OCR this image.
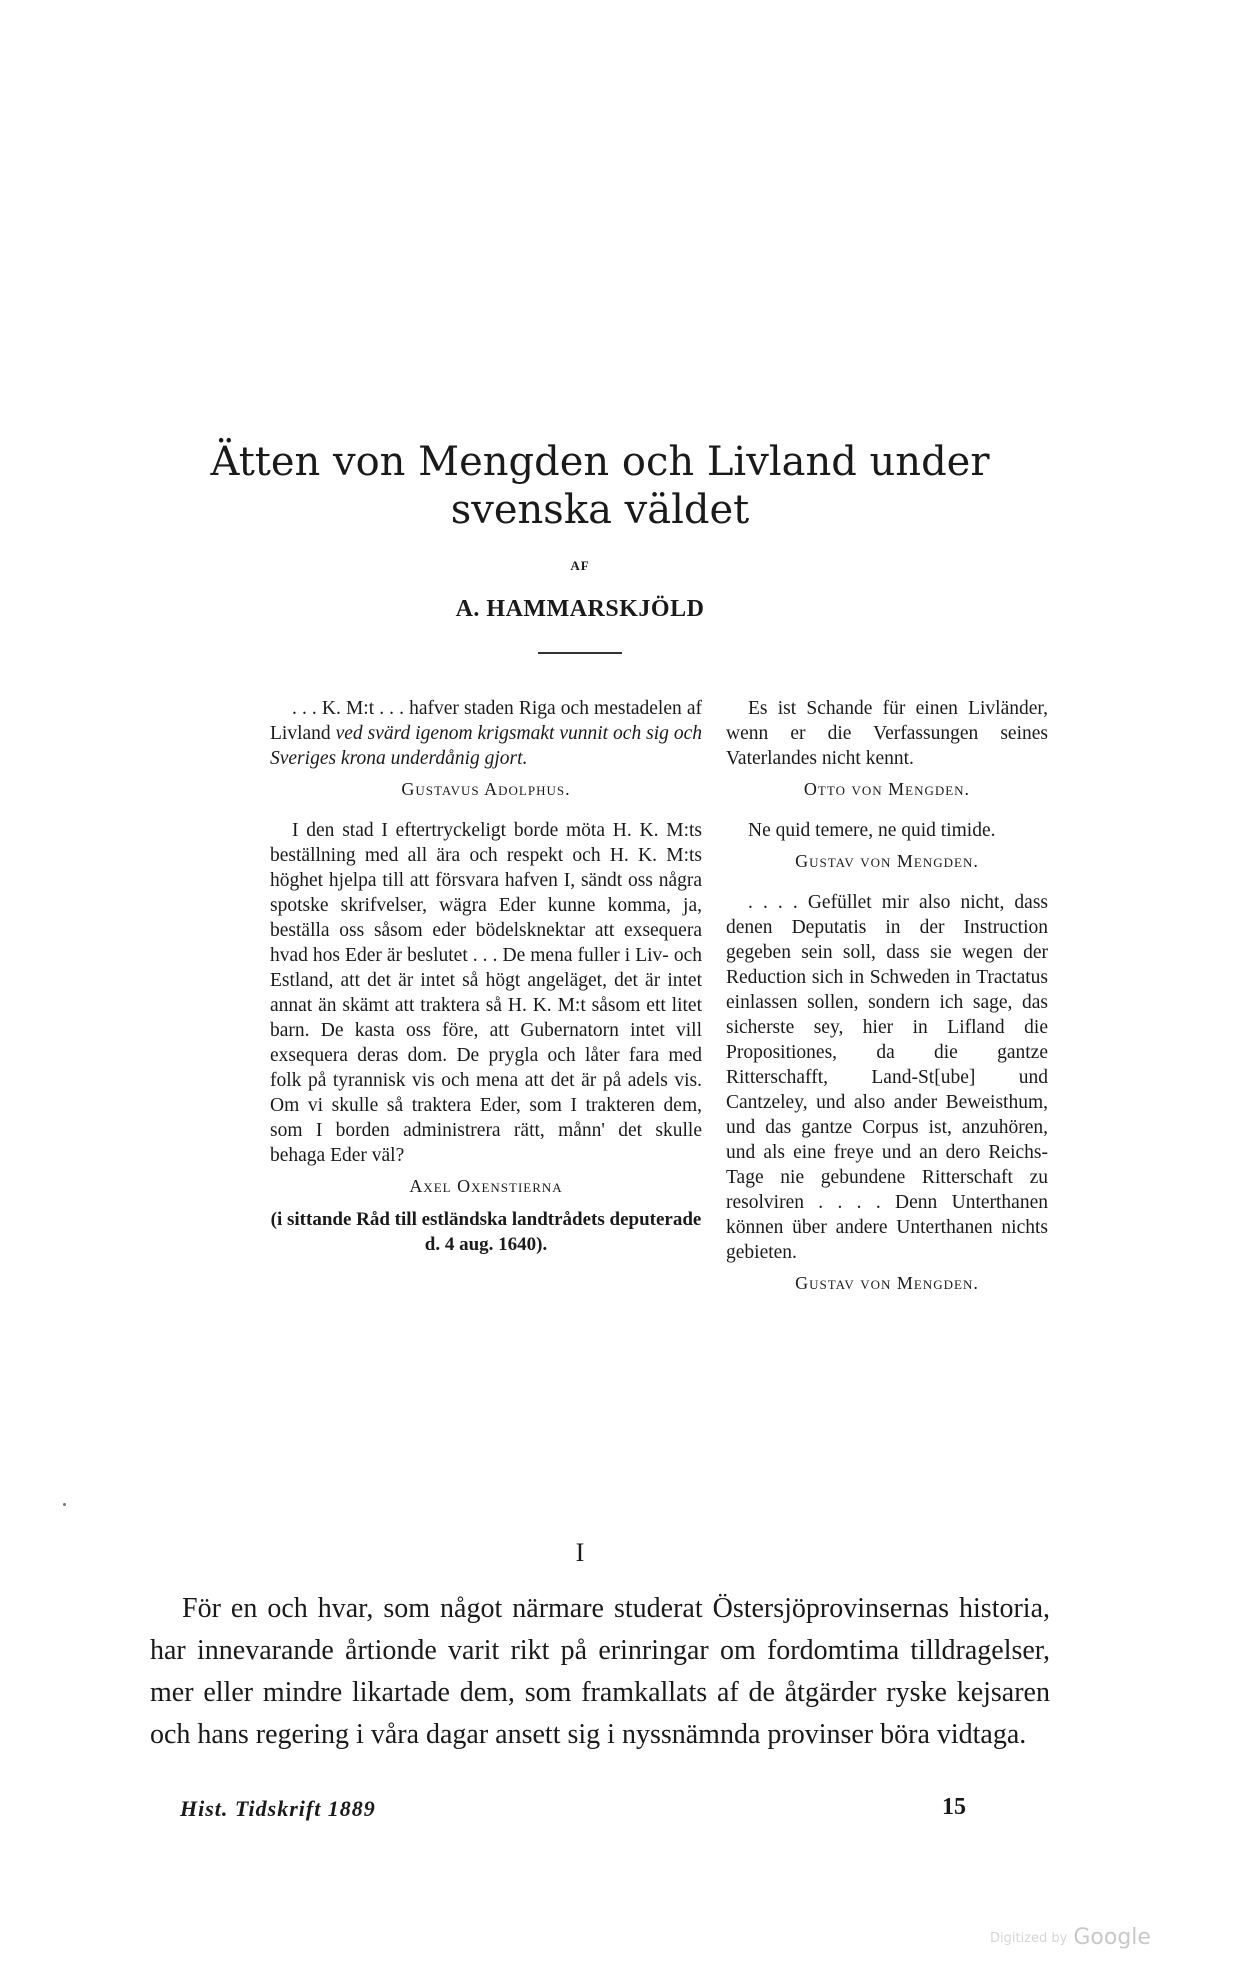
Ätten von Mengden och Livland under
svenska väldet
AF
A. HAMMARSKJÖLD

. . . K. M:t . . . hafver staden Riga och mestadelen af Livland ved svärd igenom krigsmakt vunnit och sig och Sveriges krona underdånig gjort.

Gustavus Adolphus.

I den stad I eftertryckeligt borde möta H. K. M:ts beställning med all ära och respekt och H. K. M:ts höghet hjelpa till att försvara hafven I, sändt oss några spotske skrifvelser, wägra Eder kunne komma, ja, beställa oss såsom eder bödelsknektar att exsequera hvad hos Eder är beslutet . . . De mena fuller i Liv- och Estland, att det är intet så högt angeläget, det är intet annat än skämt att traktera så H. K. M:t såsom ett litet barn. De kasta oss före, att Gubernatorn intet vill exsequera deras dom. De prygla och låter fara med folk på tyrannisk vis och mena att det är på adels vis. Om vi skulle så traktera Eder, som I trakteren dem, som I borden administrera rätt, månn' det skulle behaga Eder väl?

Axel Oxenstierna

(i sittande Råd till estländska landtrådets deputerade d. 4 aug. 1640).

Es ist Schande für einen Livländer, wenn er die Verfassungen seines Vaterlandes nicht kennt.

Otto von Mengden.

Ne quid temere, ne quid timide.

Gustav von Mengden.

. . . . Gefüllet mir also nicht, dass denen Deputatis in der Instruction gegeben sein soll, dass sie wegen der Reduction sich in Schweden in Tractatus einlassen sollen, sondern ich sage, das sicherste sey, hier in Lifland die Propositiones, da die gantze Ritterschafft, Land-St[ube] und Cantzeley, und also ander Beweisthum, und das gantze Corpus ist, anzuhören, und als eine freye und an dero Reichs-Tage nie gebundene Ritterschaft zu resolviren . . . . Denn Unterthanen können über andere Unterthanen nichts gebieten.

Gustav von Mengden.

I

För en och hvar, som något närmare studerat Östersjöprovinsernas historia, har innevarande årtionde varit rikt på erinringar om fordomtima tilldragelser, mer eller mindre likartade dem, som framkallats af de åtgärder ryske kejsaren och hans regering i våra dagar ansett sig i nyssnämnda provinser böra vidtaga.

Hist. Tidskrift 1889	15
Digitized by Google
